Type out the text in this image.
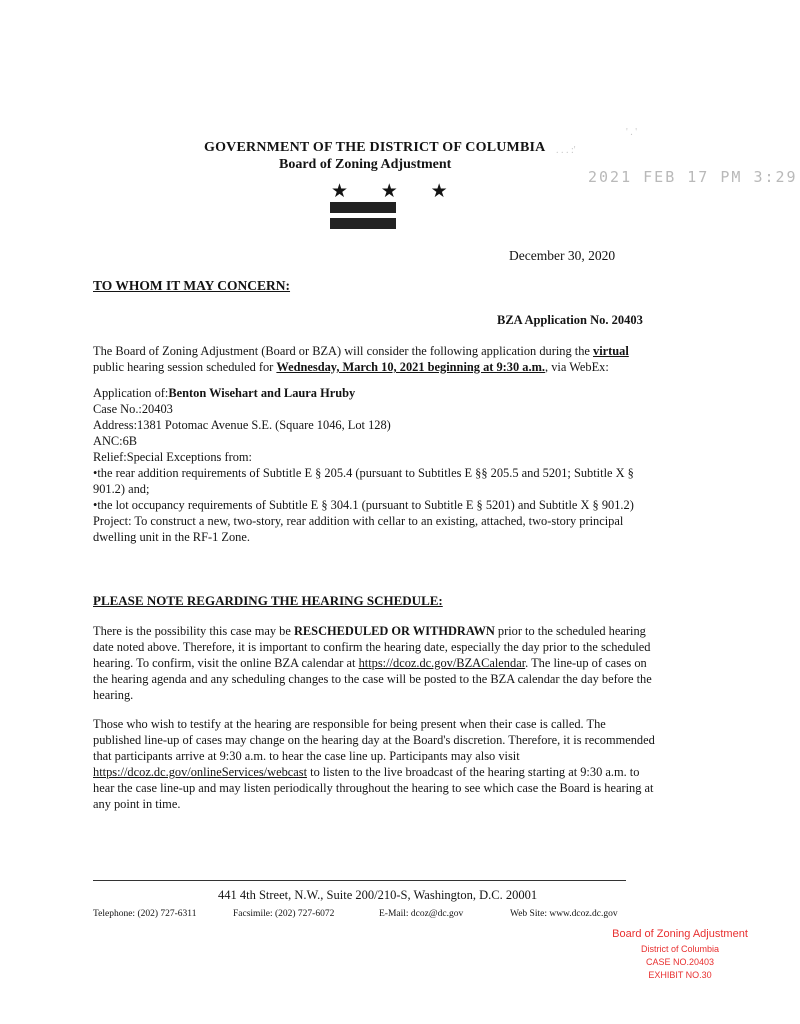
GOVERNMENT OF THE DISTRICT OF COLUMBIA . . . :'
' . '
Board of Zoning Adjustment
2021 FEB 17 PM 3:29
★ ★ ★
December 30, 2020
TO WHOM IT MAY CONCERN:
BZA Application No. 20403
The Board of Zoning Adjustment (Board or BZA) will consider the following application during the virtual public hearing session scheduled for Wednesday, March 10, 2021 beginning at 9:30 a.m., via WebEx:
Application of:Benton Wisehart and Laura Hruby
Case No.:20403
Address:1381 Potomac Avenue S.E. (Square 1046, Lot 128)
ANC:6B
Relief:Special Exceptions from:
•the rear addition requirements of Subtitle E § 205.4 (pursuant to Subtitles E §§ 205.5 and 5201; Subtitle X § 901.2) and;
•the lot occupancy requirements of Subtitle E § 304.1 (pursuant to Subtitle E § 5201) and Subtitle X § 901.2)
Project: To construct a new, two-story, rear addition with cellar to an existing, attached, two-story principal dwelling unit in the RF-1 Zone.
PLEASE NOTE REGARDING THE HEARING SCHEDULE:
There is the possibility this case may be RESCHEDULED OR WITHDRAWN prior to the scheduled hearing date noted above. Therefore, it is important to confirm the hearing date, especially the day prior to the scheduled hearing. To confirm, visit the online BZA calendar at https://dcoz.dc.gov/BZACalendar. The line-up of cases on the hearing agenda and any scheduling changes to the case will be posted to the BZA calendar the day before the hearing.
Those who wish to testify at the hearing are responsible for being present when their case is called. The published line-up of cases may change on the hearing day at the Board's discretion. Therefore, it is recommended that participants arrive at 9:30 a.m. to hear the case line up. Participants may also visit https://dcoz.dc.gov/onlineServices/webcast to listen to the live broadcast of the hearing starting at 9:30 a.m. to hear the case line-up and may listen periodically throughout the hearing to see which case the Board is hearing at any point in time.
441 4th Street, N.W., Suite 200/210-S, Washington, D.C. 20001
Telephone: (202) 727-6311	Facsimile: (202) 727-6072	E-Mail: dcoz@dc.gov	Web Site: www.dcoz.dc.gov
Board of Zoning Adjustment
District of Columbia
CASE NO.20403
EXHIBIT NO.30
